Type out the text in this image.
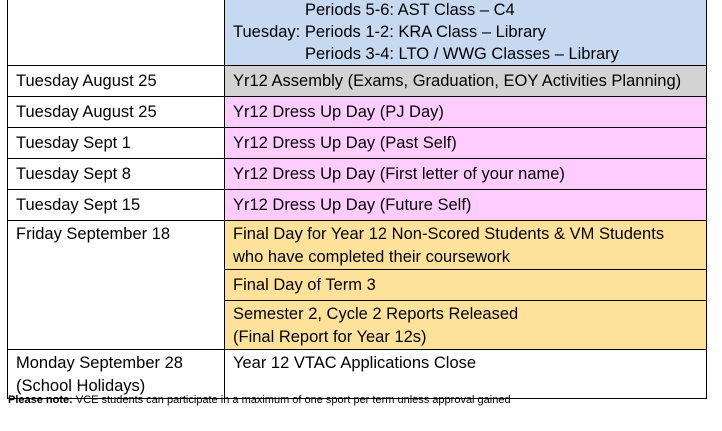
	Periods 5-6: AST Class – C4
Tuesday: Periods 1-2: KRA Class – Library
Periods 3-4: LTO / WWG Classes – Library

Tuesday August 25	Yr12 Assembly (Exams, Graduation, EOY Activities Planning)

Tuesday August 25	Yr12 Dress Up Day (PJ Day)

Tuesday Sept 1	Yr12 Dress Up Day (Past Self)

Tuesday Sept 8	Yr12 Dress Up Day (First letter of your name)

Tuesday Sept 15	Yr12 Dress Up Day (Future Self)

Friday September 18	Final Day for Year 12 Non-Scored Students & VM Students
who have completed their coursework

	Final Day of Term 3

	Semester 2, Cycle 2 Reports Released
(Final Report for Year 12s)

Monday September 28
(School Holidays)	Year 12 VTAC Applications Close
Please note: VCE students can participate in a maximum of one sport per term unless approval gained
